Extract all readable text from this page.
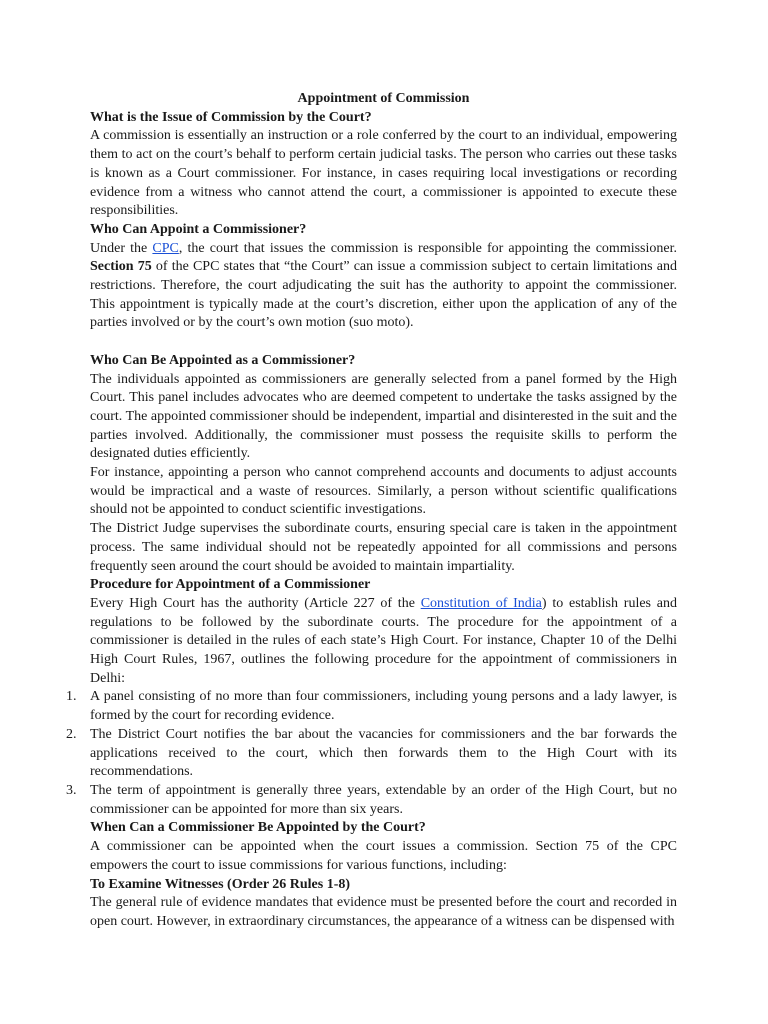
Appointment of Commission

What is the Issue of Commission by the Court?

A commission is essentially an instruction or a role conferred by the court to an individual, empowering them to act on the court’s behalf to perform certain judicial tasks. The person who carries out these tasks is known as a Court commissioner. For instance, in cases requiring local investigations or recording evidence from a witness who cannot attend the court, a commissioner is appointed to execute these responsibilities.

Who Can Appoint a Commissioner?

Under the CPC, the court that issues the commission is responsible for appointing the commissioner. Section 75 of the CPC states that “the Court” can issue a commission subject to certain limitations and restrictions. Therefore, the court adjudicating the suit has the authority to appoint the commissioner. This appointment is typically made at the court’s discretion, either upon the application of any of the parties involved or by the court’s own motion (suo moto).

Who Can Be Appointed as a Commissioner?

The individuals appointed as commissioners are generally selected from a panel formed by the High Court. This panel includes advocates who are deemed competent to undertake the tasks assigned by the court. The appointed commissioner should be independent, impartial and disinterested in the suit and the parties involved. Additionally, the commissioner must possess the requisite skills to perform the designated duties efficiently.

For instance, appointing a person who cannot comprehend accounts and documents to adjust accounts would be impractical and a waste of resources. Similarly, a person without scientific qualifications should not be appointed to conduct scientific investigations.

The District Judge supervises the subordinate courts, ensuring special care is taken in the appointment process. The same individual should not be repeatedly appointed for all commissions and persons frequently seen around the court should be avoided to maintain impartiality.

Procedure for Appointment of a Commissioner

Every High Court has the authority (Article 227 of the Constitution of India) to establish rules and regulations to be followed by the subordinate courts. The procedure for the appointment of a commissioner is detailed in the rules of each state’s High Court. For instance, Chapter 10 of the Delhi High Court Rules, 1967, outlines the following procedure for the appointment of commissioners in Delhi:

1. A panel consisting of no more than four commissioners, including young persons and a lady lawyer, is formed by the court for recording evidence.
2. The District Court notifies the bar about the vacancies for commissioners and the bar forwards the applications received to the court, which then forwards them to the High Court with its recommendations.
3. The term of appointment is generally three years, extendable by an order of the High Court, but no commissioner can be appointed for more than six years.

When Can a Commissioner Be Appointed by the Court?

A commissioner can be appointed when the court issues a commission. Section 75 of the CPC empowers the court to issue commissions for various functions, including:

To Examine Witnesses (Order 26 Rules 1-8)

The general rule of evidence mandates that evidence must be presented before the court and recorded in open court. However, in extraordinary circumstances, the appearance of a witness can be dispensed with
